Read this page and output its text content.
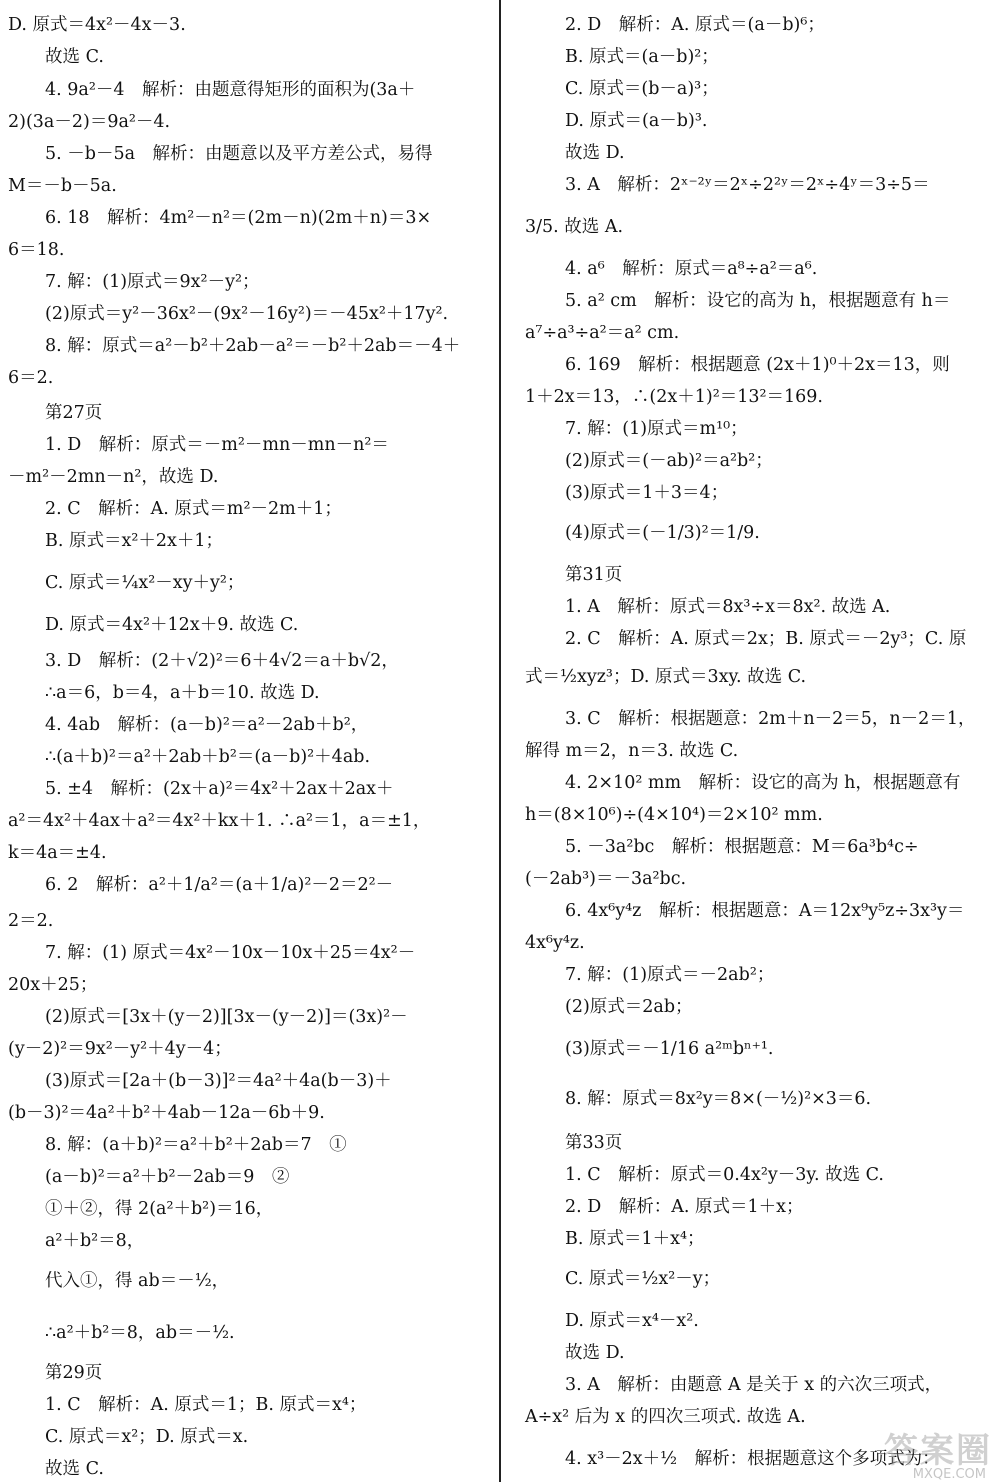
D. 原式＝4x²－4x－3.
故选 C.
4. 9a²－4　解析：由题意得矩形的面积为(3a＋
2)(3a－2)＝9a²－4.
5. －b－5a　解析：由题意以及平方差公式，易得
M＝－b－5a.
6. 18　解析：4m²－n²＝(2m－n)(2m＋n)＝3×
6＝18.
7. 解：(1)原式＝9x²－y²；
(2)原式＝y²－36x²－(9x²－16y²)＝－45x²＋17y².
8. 解：原式＝a²－b²＋2ab－a²＝－b²＋2ab＝－4＋
6＝2.
第27页
1. D　解析：原式＝－m²－mn－mn－n²＝
－m²－2mn－n²，故选 D.
2. C　解析：A. 原式＝m²－2m＋1；
B. 原式＝x²＋2x＋1；
C. 原式＝¼x²－xy＋y²；
D. 原式＝4x²＋12x＋9. 故选 C.
3. D　解析：(2＋√2)²＝6＋4√2＝a＋b√2，
∴a＝6，b＝4，a＋b＝10. 故选 D.
4. 4ab　解析：(a－b)²＝a²－2ab＋b²，
∴(a＋b)²＝a²＋2ab＋b²＝(a－b)²＋4ab.
5. ±4　解析：(2x＋a)²＝4x²＋2ax＋2ax＋
a²＝4x²＋4ax＋a²＝4x²＋kx＋1. ∴a²＝1，a＝±1，
k＝4a＝±4.
6. 2　解析：a²＋1/a²＝(a＋1/a)²－2＝2²－
2＝2.
7. 解：(1) 原式＝4x²－10x－10x＋25＝4x²－
20x＋25；
(2)原式＝[3x＋(y－2)][3x－(y－2)]＝(3x)²－
(y－2)²＝9x²－y²＋4y－4；
(3)原式＝[2a＋(b－3)]²＝4a²＋4a(b－3)＋
(b－3)²＝4a²＋b²＋4ab－12a－6b＋9.
8. 解：(a＋b)²＝a²＋b²＋2ab＝7　①
(a－b)²＝a²＋b²－2ab＝9　②
①＋②，得 2(a²＋b²)＝16，
a²＋b²＝8，
代入①，得 ab＝－½，
∴a²＋b²＝8，ab＝－½.
第29页
1. C　解析：A. 原式＝1；B. 原式＝x⁴；
C. 原式＝x²；D. 原式＝x.
故选 C.
2. D　解析：A. 原式＝(a－b)⁶；
B. 原式＝(a－b)²；
C. 原式＝(b－a)³；
D. 原式＝(a－b)³.
故选 D.
3. A　解析：2ˣ⁻²ʸ＝2ˣ÷2²ʸ＝2ˣ÷4ʸ＝3÷5＝
3/5. 故选 A.
4. a⁶　解析：原式＝a⁸÷a²＝a⁶.
5. a² cm　解析：设它的高为 h，根据题意有 h＝
a⁷÷a³÷a²＝a² cm.
6. 169　解析：根据题意 (2x＋1)⁰＋2x＝13，则
1＋2x＝13，∴(2x＋1)²＝13²＝169.
7. 解：(1)原式＝m¹⁰；
(2)原式＝(－ab)²＝a²b²；
(3)原式＝1＋3＝4；
(4)原式＝(－1/3)²＝1/9.
第31页
1. A　解析：原式＝8x³÷x＝8x². 故选 A.
2. C　解析：A. 原式＝2x；B. 原式＝－2y³；C. 原
式＝½xyz³；D. 原式＝3xy. 故选 C.
3. C　解析：根据题意：2m＋n－2＝5，n－2＝1，
解得 m＝2，n＝3. 故选 C.
4. 2×10² mm　解析：设它的高为 h，根据题意有
h＝(8×10⁶)÷(4×10⁴)＝2×10² mm.
5. －3a²bc　解析：根据题意：M＝6a³b⁴c÷
(－2ab³)＝－3a²bc.
6. 4x⁶y⁴z　解析：根据题意：A＝12x⁹y⁵z÷3x³y＝
4x⁶y⁴z.
7. 解：(1)原式＝－2ab²；
(2)原式＝2ab；
(3)原式＝－1/16 a²ᵐbⁿ⁺¹.
8. 解：原式＝8x²y＝8×(－½)²×3＝6.
第33页
1. C　解析：原式＝0.4x²y－3y. 故选 C.
2. D　解析：A. 原式＝1＋x；
B. 原式＝1＋x⁴；
C. 原式＝½x²－y；
D. 原式＝x⁴－x².
故选 D.
3. A　解析：由题意 A 是关于 x 的六次三项式，
A÷x² 后为 x 的四次三项式. 故选 A.
4. x³－2x＋½　解析：根据题意这个多项式为：
答案圈
MXQE.COM
